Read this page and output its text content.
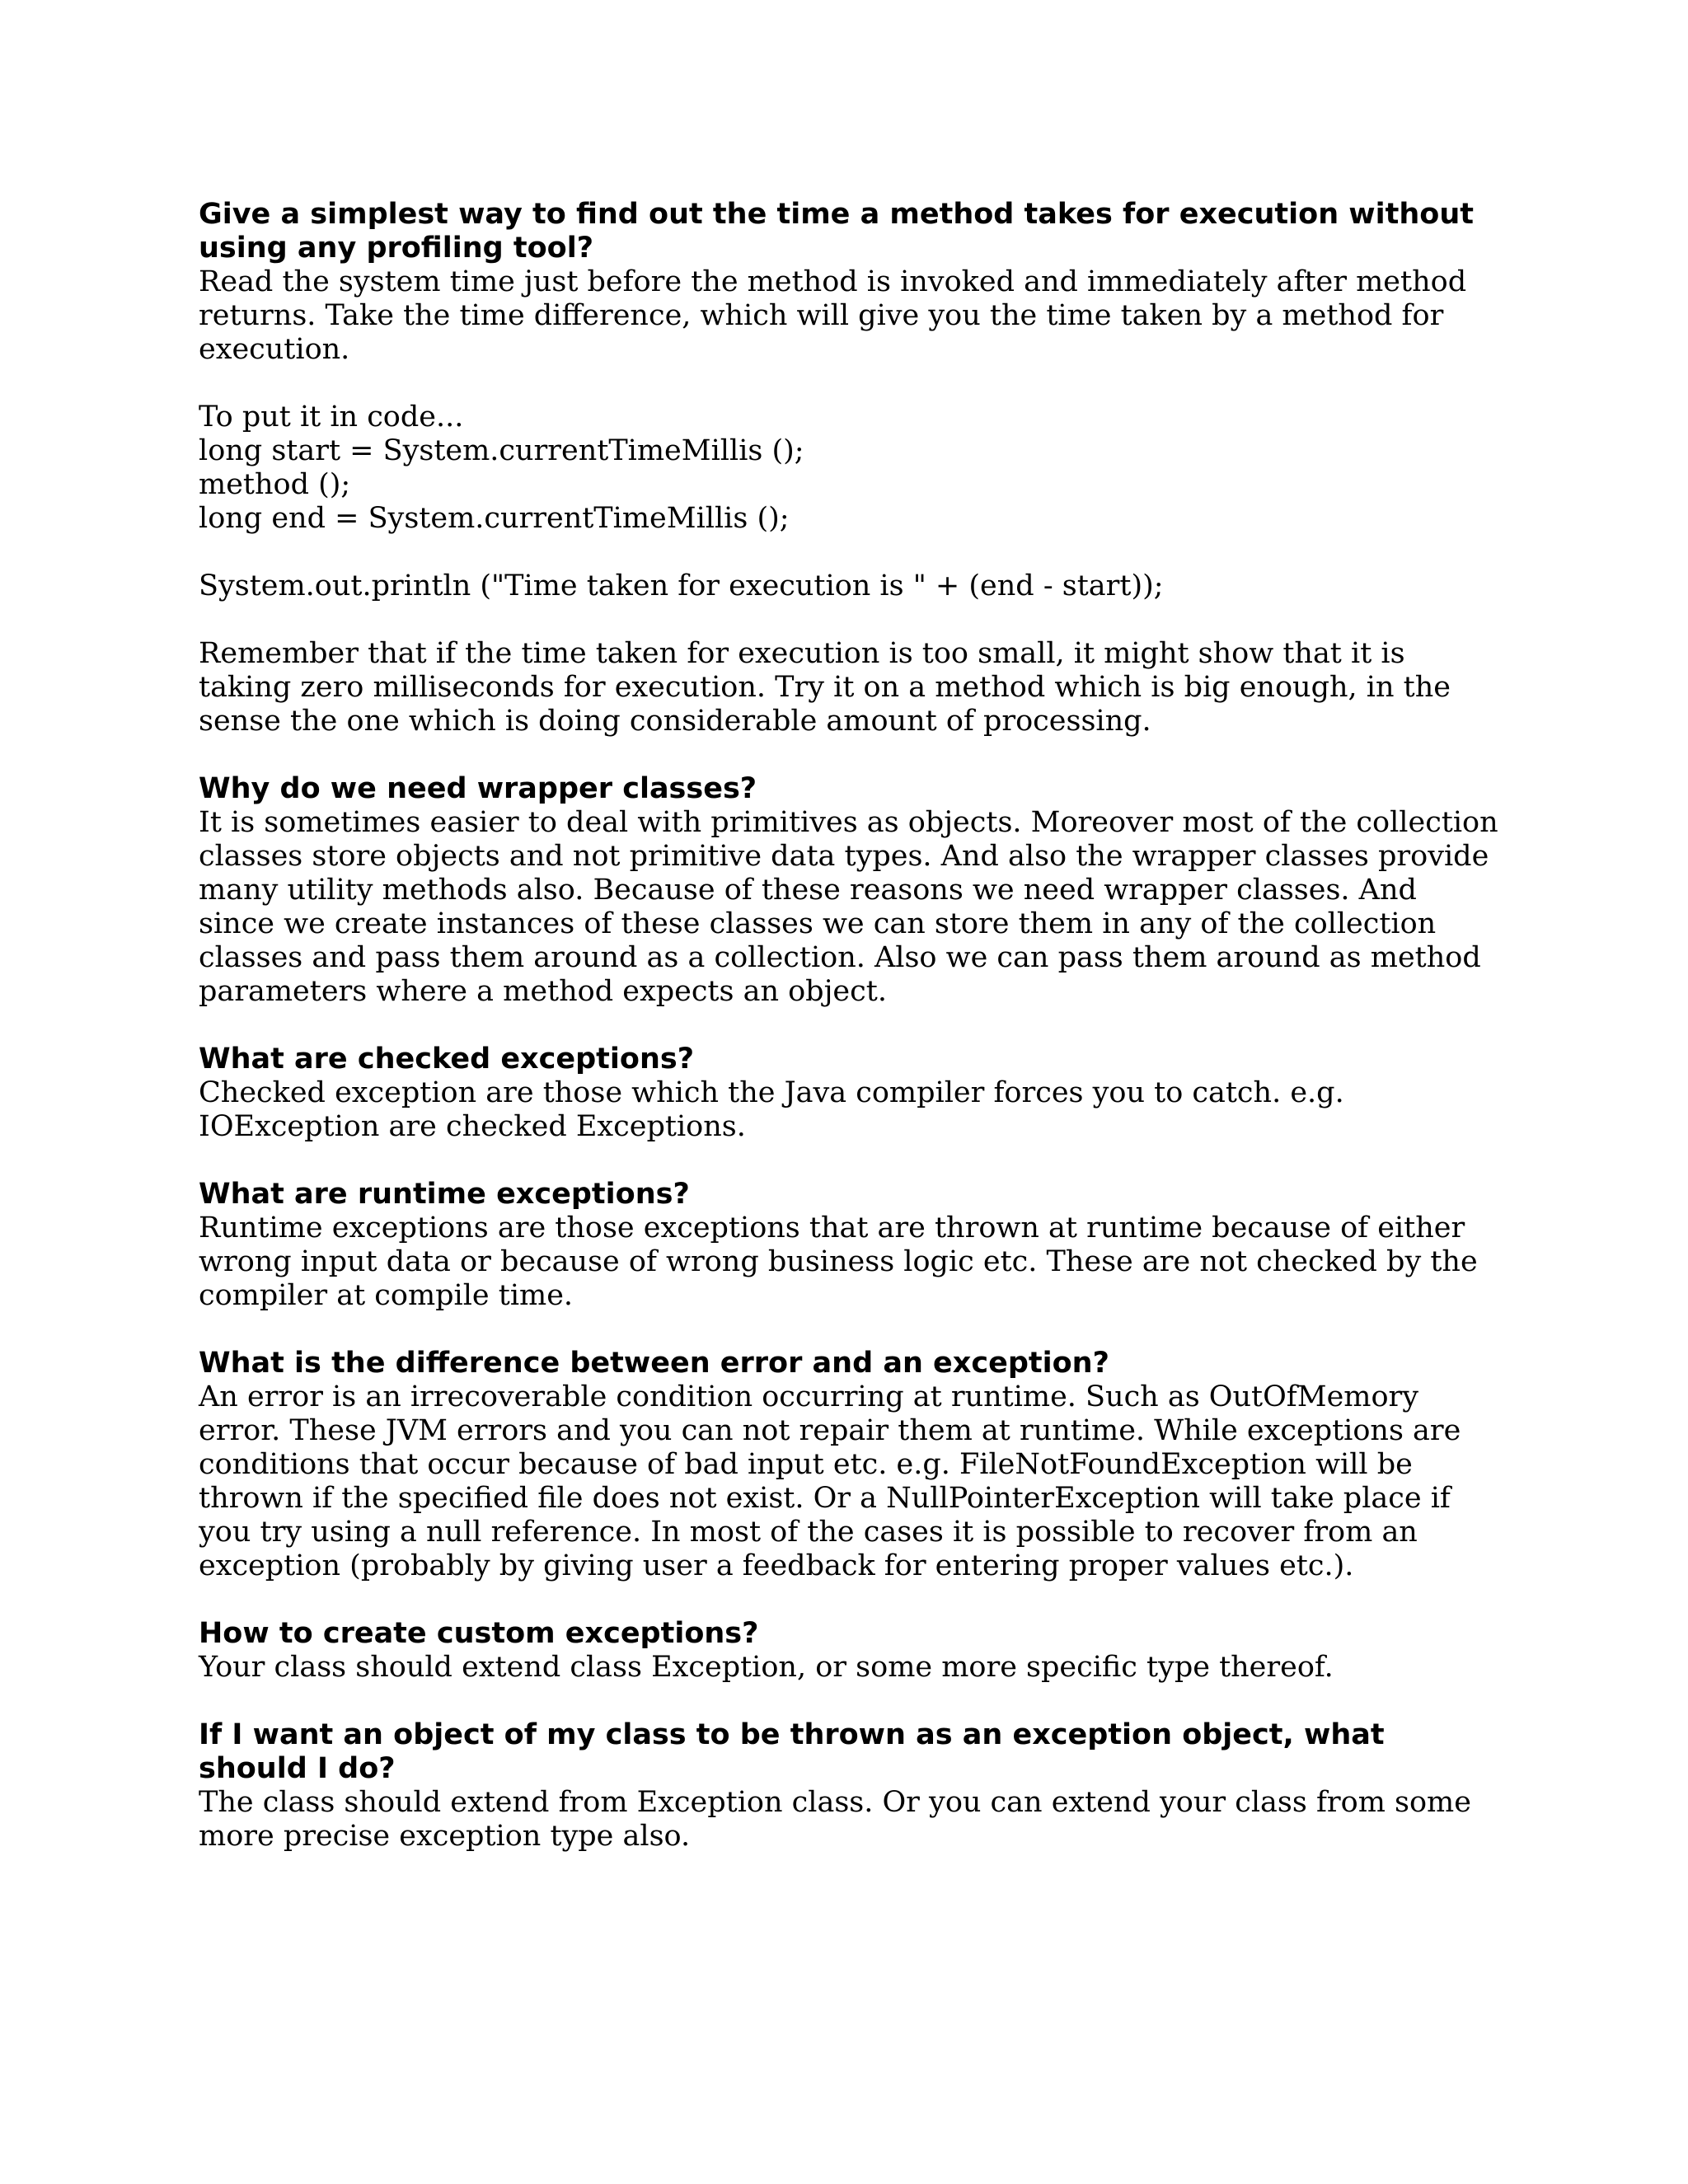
Give a simplest way to find out the time a method takes for execution without using any profiling tool?

Read the system time just before the method is invoked and immediately after method returns. Take the time difference, which will give you the time taken by a method for execution.

To put it in code...

long start = System.currentTimeMillis ();

method ();

long end = System.currentTimeMillis ();

System.out.println ("Time taken for execution is " + (end - start));

Remember that if the time taken for execution is too small, it might show that it is taking zero milliseconds for execution. Try it on a method which is big enough, in the sense the one which is doing considerable amount of processing.

Why do we need wrapper classes?

It is sometimes easier to deal with primitives as objects. Moreover most of the collection classes store objects and not primitive data types. And also the wrapper classes provide many utility methods also. Because of these reasons we need wrapper classes. And since we create instances of these classes we can store them in any of the collection classes and pass them around as a collection. Also we can pass them around as method parameters where a method expects an object.

What are checked exceptions?

Checked exception are those which the Java compiler forces you to catch. e.g. IOException are checked Exceptions.

What are runtime exceptions?

Runtime exceptions are those exceptions that are thrown at runtime because of either wrong input data or because of wrong business logic etc. These are not checked by the compiler at compile time.

What is the difference between error and an exception?

An error is an irrecoverable condition occurring at runtime. Such as OutOfMemory error. These JVM errors and you can not repair them at runtime. While exceptions are conditions that occur because of bad input etc. e.g. FileNotFoundException will be thrown if the specified file does not exist. Or a NullPointerException will take place if you try using a null reference. In most of the cases it is possible to recover from an exception (probably by giving user a feedback for entering proper values etc.).

How to create custom exceptions?

Your class should extend class Exception, or some more specific type thereof.

If I want an object of my class to be thrown as an exception object, what should I do?

The class should extend from Exception class. Or you can extend your class from some more precise exception type also.
